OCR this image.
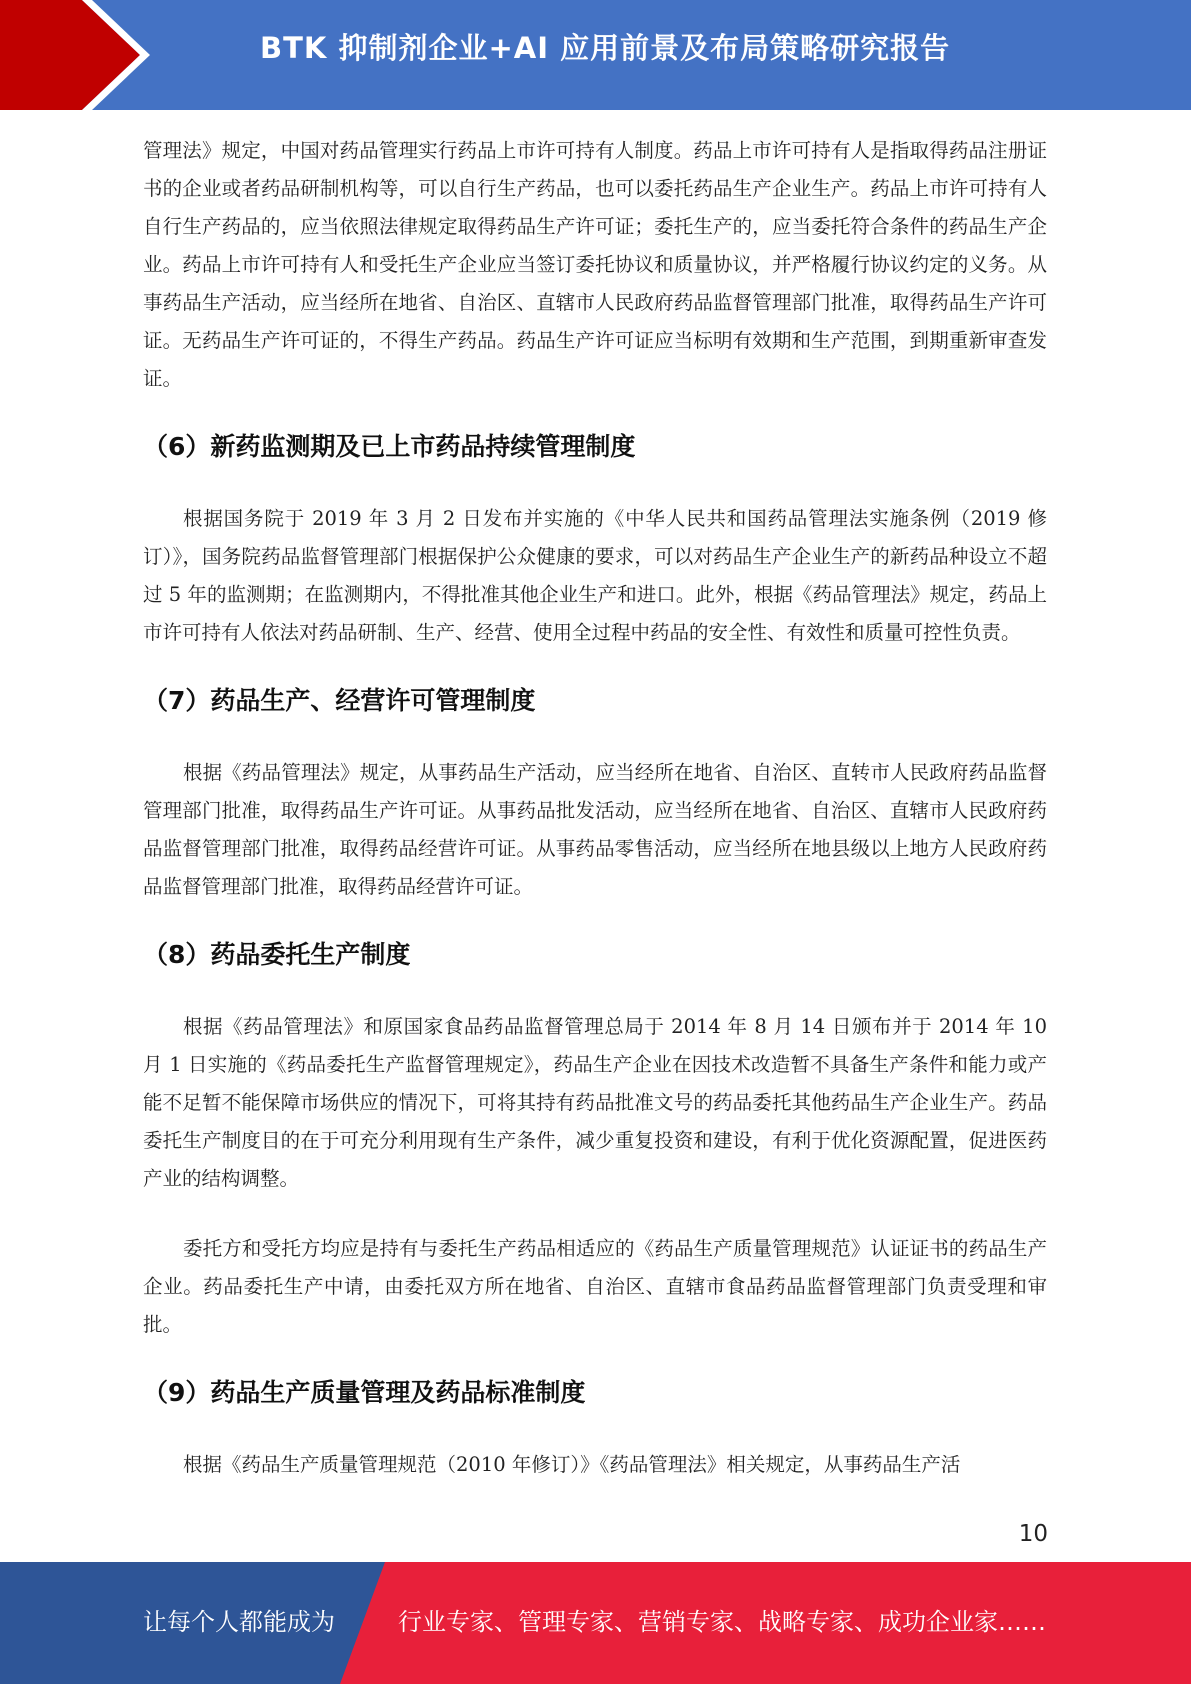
BTK 抑制剂企业+AI 应用前景及布局策略研究报告

管理法》规定，中国对药品管理实行药品上市许可持有人制度。药品上市许可持有人是指取得药品注册证书的企业或者药品研制机构等，可以自行生产药品，也可以委托药品生产企业生产。药品上市许可持有人自行生产药品的，应当依照法律规定取得药品生产许可证；委托生产的，应当委托符合条件的药品生产企业。药品上市许可持有人和受托生产企业应当签订委托协议和质量协议，并严格履行协议约定的义务。从事药品生产活动，应当经所在地省、自治区、直辖市人民政府药品监督管理部门批准，取得药品生产许可证。无药品生产许可证的，不得生产药品。药品生产许可证应当标明有效期和生产范围，到期重新审查发证。

（6）新药监测期及已上市药品持续管理制度

根据国务院于 2019 年 3 月 2 日发布并实施的《中华人民共和国药品管理法实施条例（2019 修订）》，国务院药品监督管理部门根据保护公众健康的要求，可以对药品生产企业生产的新药品种设立不超过 5 年的监测期；在监测期内，不得批准其他企业生产和进口。此外，根据《药品管理法》规定，药品上市许可持有人依法对药品研制、生产、经营、使用全过程中药品的安全性、有效性和质量可控性负责。

（7）药品生产、经营许可管理制度

根据《药品管理法》规定，从事药品生产活动，应当经所在地省、自治区、直转市人民政府药品监督管理部门批准，取得药品生产许可证。从事药品批发活动，应当经所在地省、自治区、直辖市人民政府药品监督管理部门批准，取得药品经营许可证。从事药品零售活动，应当经所在地县级以上地方人民政府药品监督管理部门批准，取得药品经营许可证。

（8）药品委托生产制度

根据《药品管理法》和原国家食品药品监督管理总局于 2014 年 8 月 14 日颁布并于 2014 年 10 月 1 日实施的《药品委托生产监督管理规定》，药品生产企业在因技术改造暂不具备生产条件和能力或产能不足暂不能保障市场供应的情况下，可将其持有药品批准文号的药品委托其他药品生产企业生产。药品委托生产制度目的在于可充分利用现有生产条件，减少重复投资和建设，有利于优化资源配置，促进医药产业的结构调整。

委托方和受托方均应是持有与委托生产药品相适应的《药品生产质量管理规范》认证证书的药品生产企业。药品委托生产中请，由委托双方所在地省、自治区、直辖市食品药品监督管理部门负责受理和审批。

（9）药品生产质量管理及药品标准制度

根据《药品生产质量管理规范（2010 年修订）》《药品管理法》相关规定，从事药品生产活

10
让每个人都能成为	行业专家、管理专家、营销专家、战略专家、成功企业家……
